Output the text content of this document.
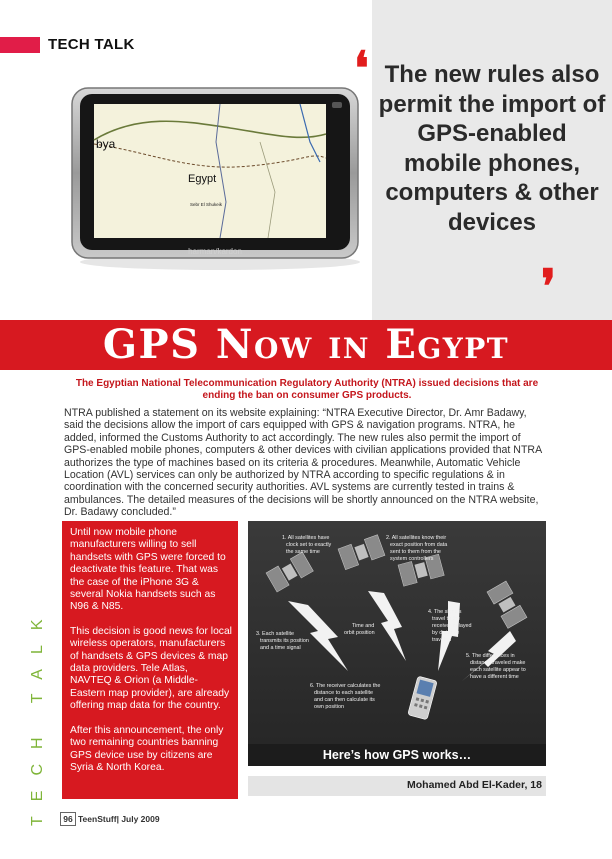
TECH TALK
The new rules also permit the import of GPS-enabled mobile phones, computers & other devices
❛
❜
bya
Egypt
Sebr El Shukeik
harman/kardon
GPS Now in Egypt
The Egyptian National Telecommunication Regulatory Authority (NTRA) issued decisions that are ending the ban on consumer GPS products.
NTRA published a statement on its website explaining: “NTRA Executive Director, Dr. Amr Badawy, said the decisions allow the import of cars equipped with GPS & navigation programs. NTRA, he added, informed the Customs Authority to act accordingly. The new rules also permit the import of GPS-enabled mobile phones, computers & other devices with civilian applications provided that NTRA authorizes the type of machines based on its criteria & procedures. Meanwhile, Automatic Vehicle Location (AVL) services can only be authorized by NTRA according to specific regulations & in coordination with the concerned security authorities. AVL systems are currently tested in trains & ambulances. The detailed measures of the decisions will be shortly announced on the NTRA website, Dr. Badawy concluded.”

Until now mobile phone manufacturers willing to sell handsets with GPS were forced to deactivate this feature. That was the case of the iPhone 3G & several Nokia handsets such as N96 & N85.

This decision is good news for local wireless operators, manufacturers of handsets & GPS devices & map data providers. Tele Atlas, NAVTEQ & Orion (a Middle-Eastern map provider), are already offering map data for the country.

After this announcement, the only two remaining countries banning GPS device use by citizens are Syria & North Korea.

1. All satellites have clock set to exactly the same time
2. All satellites know their exact position from data sent to them from the system controllers
3. Each satellite transmits its position and a time signal
4. The signals travel to the receiver delayed by distance traveled
5. The differences in distance traveled make each satellite appear to have a different time
6. The receiver calculates the distance to each satellite and can then calculate its own position
Time and orbit position
Here’s how GPS works…
Mohamed Abd El-Kader, 18
TECH TALK	96 TeenStuff| July 2009
